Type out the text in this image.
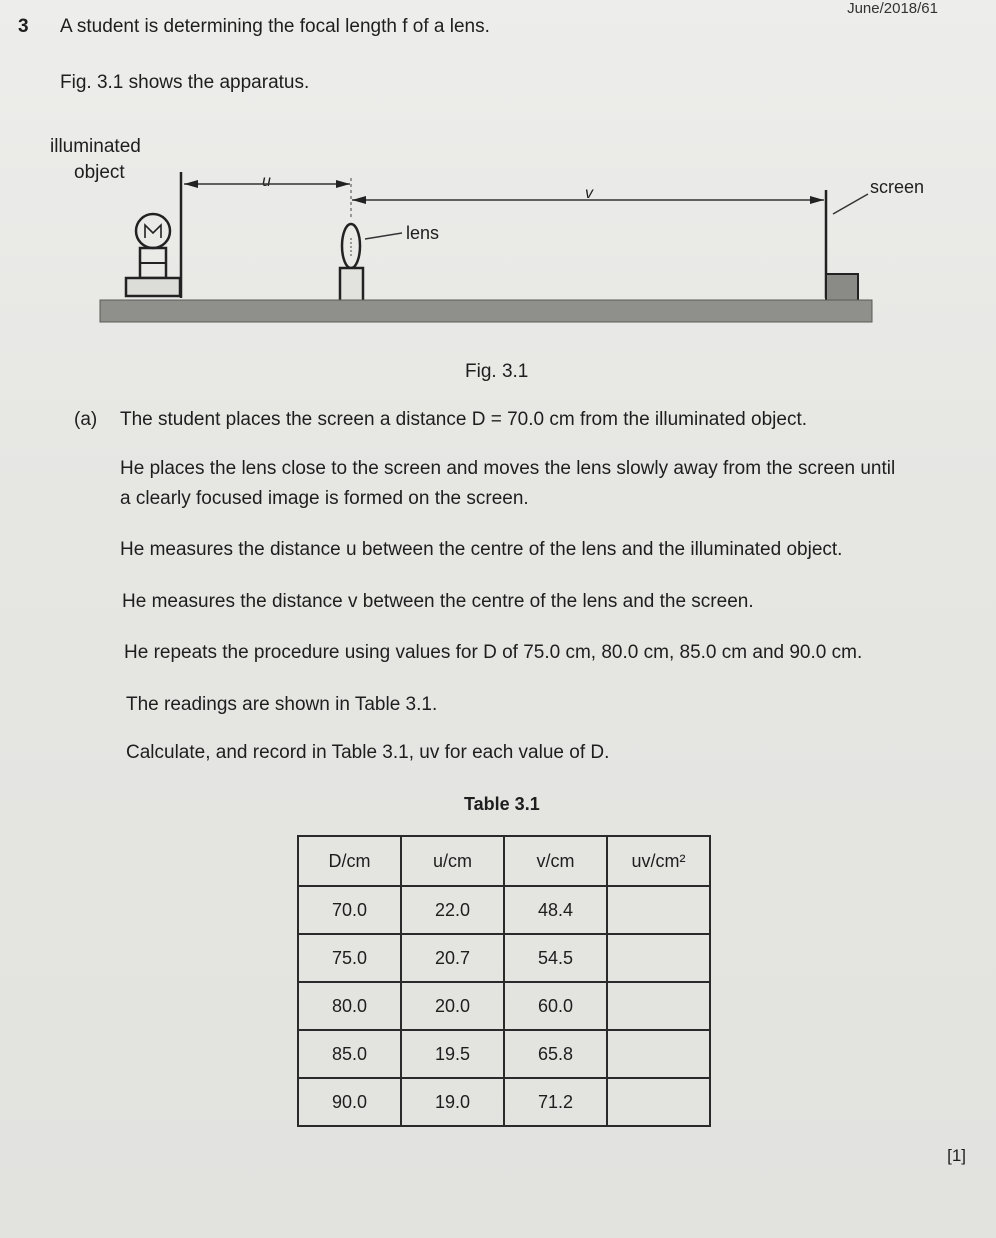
June/2018/61
3 A student is determining the focal length f of a lens.
Fig. 3.1 shows the apparatus.
illuminated
object	u
v	screen
lens
Fig. 3.1
(a) The student places the screen a distance D = 70.0 cm from the illuminated object.
He places the lens close to the screen and moves the lens slowly away from the screen until
a clearly focused image is formed on the screen.
He measures the distance u between the centre of the lens and the illuminated object.
He measures the distance v between the centre of the lens and the screen.
He repeats the procedure using values for D of 75.0 cm, 80.0 cm, 85.0 cm and 90.0 cm.
The readings are shown in Table 3.1.
Calculate, and record in Table 3.1, uv for each value of D.
Table 3.1
D/cm	u/cm	v/cm	uv/cm²
70.0	22.0	48.4	
75.0	20.7	54.5	
80.0	20.0	60.0	
85.0	19.5	65.8	
90.0	19.0	71.2	
[1]
